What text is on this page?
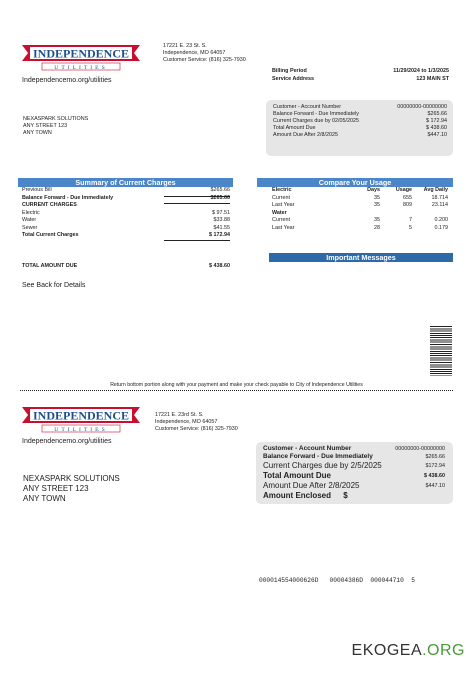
INDEPENDENCE
UTILITIES
17221 E. 23 St. S.
Independence, MO 64057
Customer Service: (816) 325-7930
Independencemo.org/utilities
Billing Period	11/29/2024 to 1/3/2025
Service Address	123 MAIN ST
NEXASPARK SOLUTIONS
ANY STREET 123
ANY TOWN
Customer - Account Number	00000000-00000000
Balance Forward - Due Immediately	$265.66
Current Charges due by 02/05/2025	$ 172.94
Total Amount Due	$ 438.60
Amount Due After 2/8/2025	$447.10
Summary of Current Charges
Previous Bill	$265.66
Balance Forward - Due Immediately	$265.66
CURRENT CHARGES
Electric	$ 97.51
Water	$33.88
Sewer	$41.55
Total Current Charges	$ 172.94
TOTAL AMOUNT DUE	$ 438.60
See Back for Details
Compare Your Usage
Electric	Days	Usage	Avg Daily
Current	35	655	18.714
Last Year	35	809	23.114
Water
Current	35	7	0.200
Last Year	28	5	0.179
Important Messages
Return bottom portion along with your payment and make your check payable to City of Independence Utilities
INDEPENDENCE
UTILITIES
17221 E. 23rd St. S.
Independence, MO 64057
Customer Service: (816) 325-7930
Independencemo.org/utilities
NEXASPARK SOLUTIONS
ANY STREET 123
ANY TOWN
Customer - Account Number	00000000-00000000
Balance Forward - Due Immediately	$265.66
Current Charges due by 2/5/2025	$172.94
Total Amount Due	$ 438.60
Amount Due After 2/8/2025	$447.10
Amount Enclosed $
000014554000626D   00004386D  000044710  5
EKOGEA.ORG
